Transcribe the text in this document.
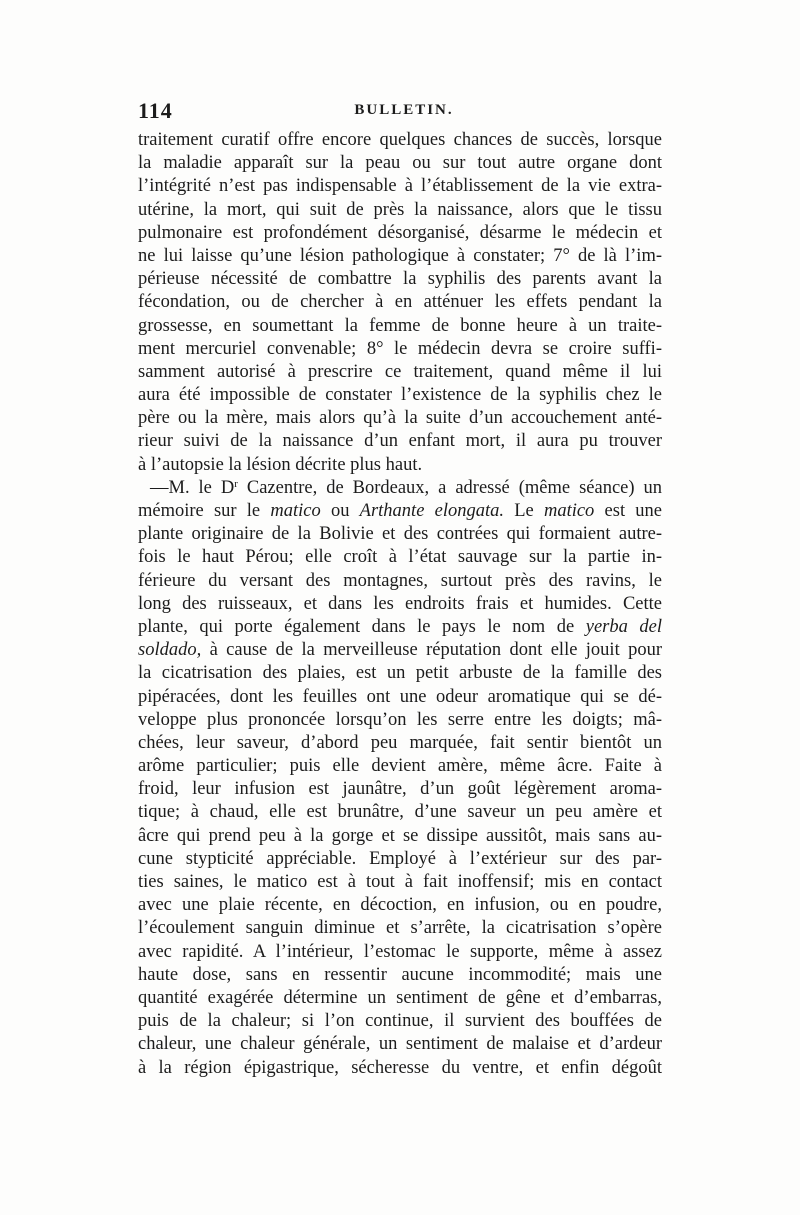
114	BULLETIN.
traitement curatif offre encore quelques chances de succès, lorsque
la maladie apparaît sur la peau ou sur tout autre organe dont
l’intégrité n’est pas indispensable à l’établissement de la vie extra-
utérine, la mort, qui suit de près la naissance, alors que le tissu
pulmonaire est profondément désorganisé, désarme le médecin et
ne lui laisse qu’une lésion pathologique à constater; 7° de là l’im-
périeuse nécessité de combattre la syphilis des parents avant la
fécondation, ou de chercher à en atténuer les effets pendant la
grossesse, en soumettant la femme de bonne heure à un traite-
ment mercuriel convenable; 8° le médecin devra se croire suffi-
samment autorisé à prescrire ce traitement, quand même il lui
aura été impossible de constater l’existence de la syphilis chez le
père ou la mère, mais alors qu’à la suite d’un accouchement anté-
rieur suivi de la naissance d’un enfant mort, il aura pu trouver
à l’autopsie la lésion décrite plus haut.
—M. le $D^r$ Cazentre, de Bordeaux, a adressé (même séance) un
mémoire sur le matico ou Arthante elongata. Le matico est une
plante originaire de la Bolivie et des contrées qui formaient autre-
fois le haut Pérou; elle croît à l’état sauvage sur la partie in-
férieure du versant des montagnes, surtout près des ravins, le
long des ruisseaux, et dans les endroits frais et humides. Cette
plante, qui porte également dans le pays le nom de yerba del
soldado, à cause de la merveilleuse réputation dont elle jouit pour
la cicatrisation des plaies, est un petit arbuste de la famille des
pipéracées, dont les feuilles ont une odeur aromatique qui se dé-
veloppe plus prononcée lorsqu’on les serre entre les doigts; mâ-
chées, leur saveur, d’abord peu marquée, fait sentir bientôt un
arôme particulier; puis elle devient amère, même âcre. Faite à
froid, leur infusion est jaunâtre, d’un goût légèrement aroma-
tique; à chaud, elle est brunâtre, d’une saveur un peu amère et
âcre qui prend peu à la gorge et se dissipe aussitôt, mais sans au-
cune stypticité appréciable. Employé à l’extérieur sur des par-
ties saines, le matico est à tout à fait inoffensif; mis en contact
avec une plaie récente, en décoction, en infusion, ou en poudre,
l’écoulement sanguin diminue et s’arrête, la cicatrisation s’opère
avec rapidité. A l’intérieur, l’estomac le supporte, même à assez
haute dose, sans en ressentir aucune incommodité; mais une
quantité exagérée détermine un sentiment de gêne et d’embarras,
puis de la chaleur; si l’on continue, il survient des bouffées de
chaleur, une chaleur générale, un sentiment de malaise et d’ardeur
à la région épigastrique, sécheresse du ventre, et enfin dégoût
